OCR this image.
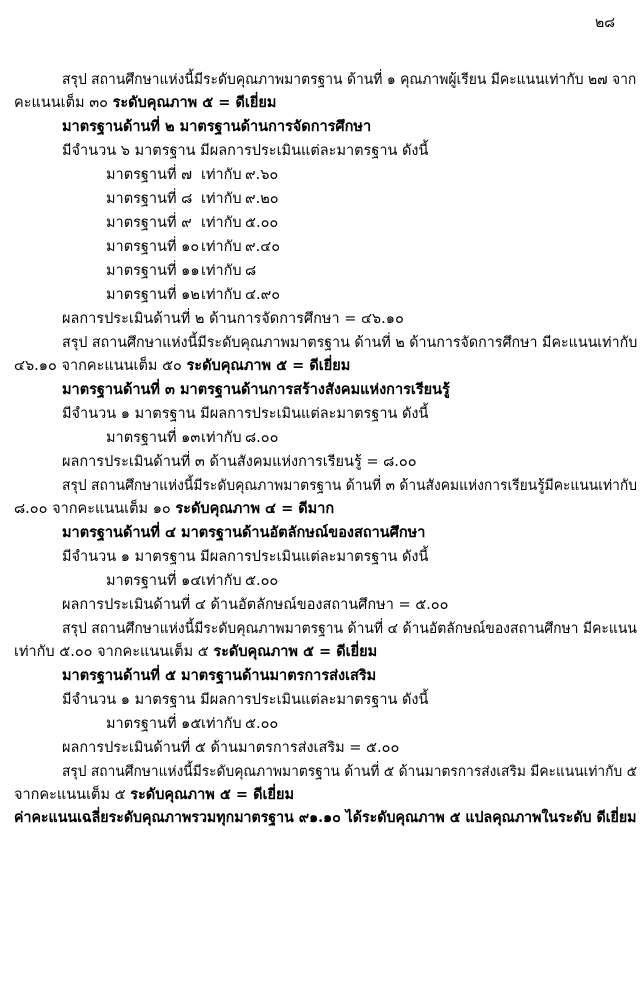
๒๘
สรุป สถานศึกษาแห่งนี้มีระดับคุณภาพมาตรฐาน ด้านที่ ๑ คุณภาพผู้เรียน มีคะแนนเท่ากับ ๒๗ จาก
คะแนนเต็ม ๓๐ ระดับคุณภาพ ๕ = ดีเยี่ยม
มาตรฐานด้านที่ ๒ มาตรฐานด้านการจัดการศึกษา
มีจำนวน ๖ มาตรฐาน มีผลการประเมินแต่ละมาตรฐาน ดังนี้
มาตรฐานที่ ๗ เท่ากับ ๙.๖๐
มาตรฐานที่ ๘ เท่ากับ ๙.๒๐
มาตรฐานที่ ๙ เท่ากับ ๕.๐๐
มาตรฐานที่ ๑๐ เท่ากับ ๙.๔๐
มาตรฐานที่ ๑๑เท่ากับ ๘
มาตรฐานที่ ๑๒เท่ากับ ๔.๙๐
ผลการประเมินด้านที่ ๒ ด้านการจัดการศึกษา = ๔๖.๑๐
สรุป สถานศึกษาแห่งนี้มีระดับคุณภาพมาตรฐาน ด้านที่ ๒ ด้านการจัดการศึกษา มีคะแนนเท่ากับ
๔๖.๑๐ จากคะแนนเต็ม ๕๐ ระดับคุณภาพ ๕ = ดีเยี่ยม
มาตรฐานด้านที่ ๓ มาตรฐานด้านการสร้างสังคมแห่งการเรียนรู้
มีจำนวน ๑ มาตรฐาน มีผลการประเมินแต่ละมาตรฐาน ดังนี้
มาตรฐานที่ ๑๓เท่ากับ ๘.๐๐
ผลการประเมินด้านที่ ๓ ด้านสังคมแห่งการเรียนรู้ = ๘.๐๐
สรุป สถานศึกษาแห่งนี้มีระดับคุณภาพมาตรฐาน ด้านที่ ๓ ด้านสังคมแห่งการเรียนรู้มีคะแนนเท่ากับ
๘.๐๐ จากคะแนนเต็ม ๑๐ ระดับคุณภาพ ๔ = ดีมาก
มาตรฐานด้านที่ ๔ มาตรฐานด้านอัตลักษณ์ของสถานศึกษา
มีจำนวน ๑ มาตรฐาน มีผลการประเมินแต่ละมาตรฐาน ดังนี้
มาตรฐานที่ ๑๔เท่ากับ ๕.๐๐
ผลการประเมินด้านที่ ๔ ด้านอัตลักษณ์ของสถานศึกษา = ๕.๐๐
สรุป สถานศึกษาแห่งนี้มีระดับคุณภาพมาตรฐาน ด้านที่ ๔ ด้านอัตลักษณ์ของสถานศึกษา มีคะแนน
เท่ากับ ๕.๐๐ จากคะแนนเต็ม ๕ ระดับคุณภาพ ๕ = ดีเยี่ยม
มาตรฐานด้านที่ ๕ มาตรฐานด้านมาตรการส่งเสริม
มีจำนวน ๑ มาตรฐาน มีผลการประเมินแต่ละมาตรฐาน ดังนี้
มาตรฐานที่ ๑๕เท่ากับ ๕.๐๐
ผลการประเมินด้านที่ ๕ ด้านมาตรการส่งเสริม = ๕.๐๐
สรุป สถานศึกษาแห่งนี้มีระดับคุณภาพมาตรฐาน ด้านที่ ๕ ด้านมาตรการส่งเสริม มีคะแนนเท่ากับ ๕
จากคะแนนเต็ม ๕ ระดับคุณภาพ ๕ = ดีเยี่ยม
ค่าคะแนนเฉลี่ยระดับคุณภาพรวมทุกมาตรฐาน ๙๑.๑๐ ได้ระดับคุณภาพ ๕ แปลคุณภาพในระดับ ดีเยี่ยม
